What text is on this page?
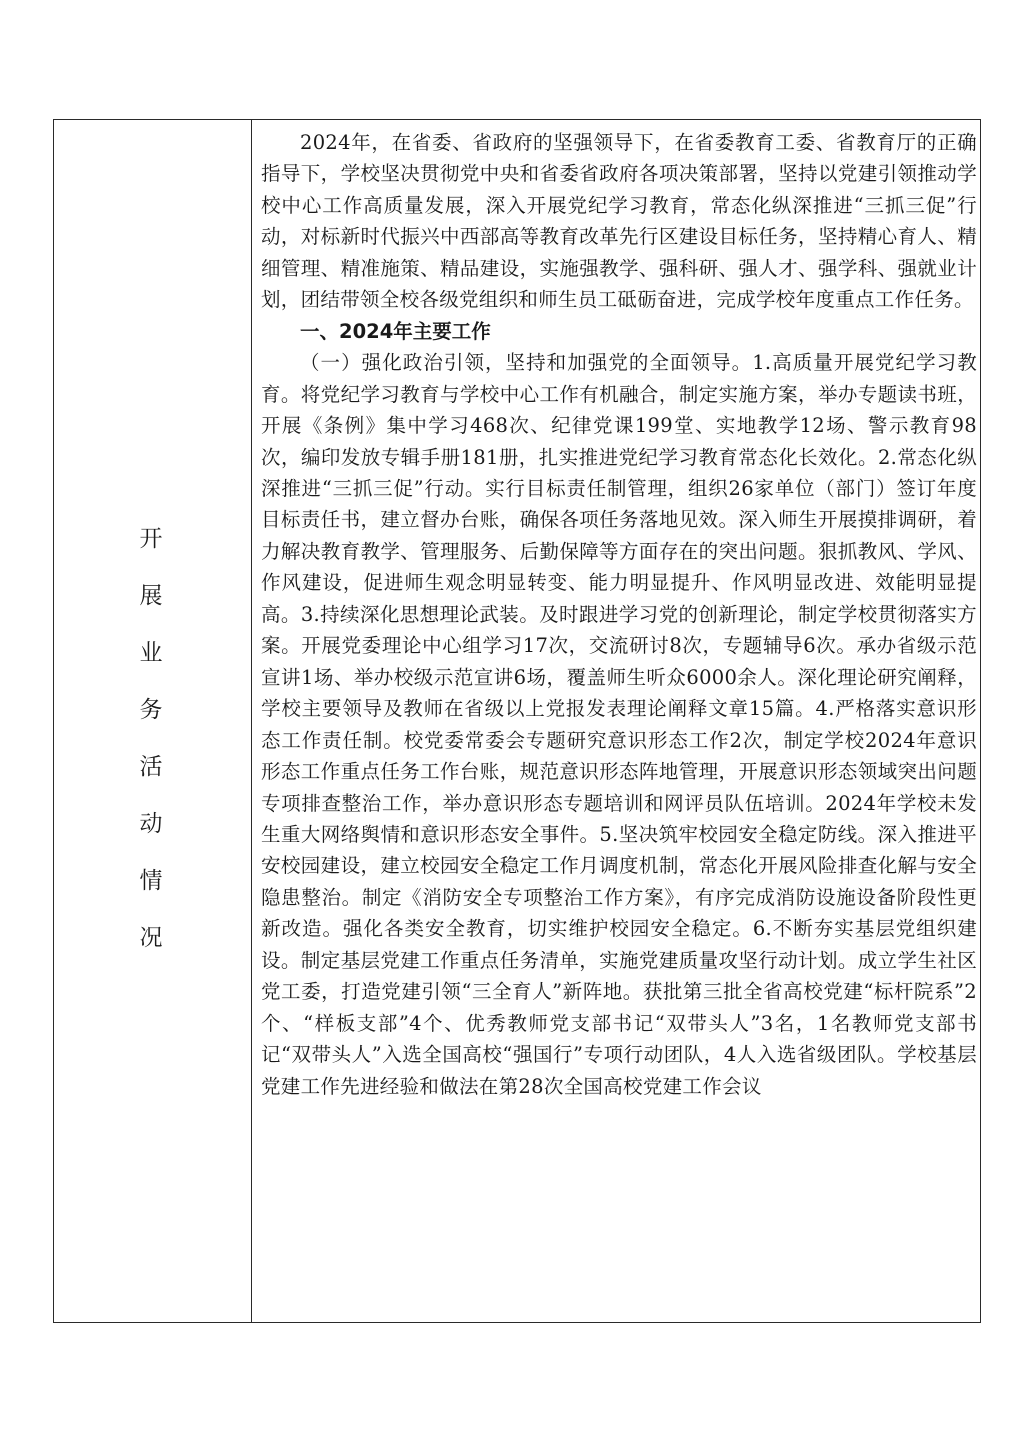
开
展
业
务
活
动
情
况

2024年，在省委、省政府的坚强领导下，在省委教育工委、省教育厅的正确指导下，学校坚决贯彻党中央和省委省政府各项决策部署，坚持以党建引领推动学校中心工作高质量发展，深入开展党纪学习教育，常态化纵深推进“三抓三促”行动，对标新时代振兴中西部高等教育改革先行区建设目标任务，坚持精心育人、精细管理、精准施策、精品建设，实施强教学、强科研、强人才、强学科、强就业计划，团结带领全校各级党组织和师生员工砥砺奋进，完成学校年度重点工作任务。

一、2024年主要工作

（一）强化政治引领，坚持和加强党的全面领导。1.高质量开展党纪学习教育。将党纪学习教育与学校中心工作有机融合，制定实施方案，举办专题读书班，开展《条例》集中学习468次、纪律党课199堂、实地教学12场、警示教育98次，编印发放专辑手册181册，扎实推进党纪学习教育常态化长效化。2.常态化纵深推进“三抓三促”行动。实行目标责任制管理，组织26家单位（部门）签订年度目标责任书，建立督办台账，确保各项任务落地见效。深入师生开展摸排调研，着力解决教育教学、管理服务、后勤保障等方面存在的突出问题。狠抓教风、学风、作风建设，促进师生观念明显转变、能力明显提升、作风明显改进、效能明显提高。3.持续深化思想理论武装。及时跟进学习党的创新理论，制定学校贯彻落实方案。开展党委理论中心组学习17次，交流研讨8次，专题辅导6次。承办省级示范宣讲1场、举办校级示范宣讲6场，覆盖师生听众6000余人。深化理论研究阐释，学校主要领导及教师在省级以上党报发表理论阐释文章15篇。4.严格落实意识形态工作责任制。校党委常委会专题研究意识形态工作2次，制定学校2024年意识形态工作重点任务工作台账，规范意识形态阵地管理，开展意识形态领域突出问题专项排查整治工作，举办意识形态专题培训和网评员队伍培训。2024年学校未发生重大网络舆情和意识形态安全事件。5.坚决筑牢校园安全稳定防线。深入推进平安校园建设，建立校园安全稳定工作月调度机制，常态化开展风险排查化解与安全隐患整治。制定《消防安全专项整治工作方案》，有序完成消防设施设备阶段性更新改造。强化各类安全教育，切实维护校园安全稳定。6.不断夯实基层党组织建设。制定基层党建工作重点任务清单，实施党建质量攻坚行动计划。成立学生社区党工委，打造党建引领“三全育人”新阵地。获批第三批全省高校党建“标杆院系”2个、“样板支部”4个、优秀教师党支部书记“双带头人”3名，1名教师党支部书记“双带头人”入选全国高校“强国行”专项行动团队，4人入选省级团队。学校基层党建工作先进经验和做法在第28次全国高校党建工作会议
